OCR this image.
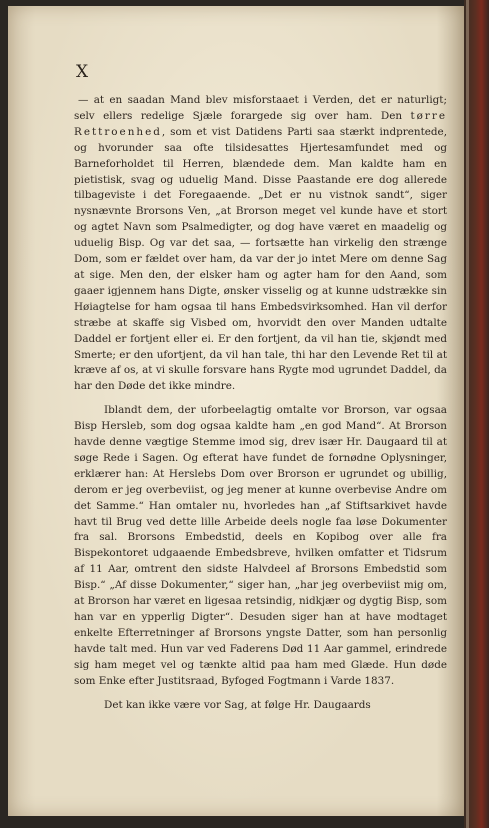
X

— at en saadan Mand blev misforstaaet i Verden, det er naturligt; selv ellers redelige Sjæle forargede sig over ham. Den tørre Rettroenhed, som et vist Datidens Parti saa stærkt indprentede, og hvorunder saa ofte tilsidesattes Hjertesamfundet med og Barneforholdet til Herren, blændede dem. Man kaldte ham en pietistisk, svag og uduelig Mand. Disse Paastande ere dog allerede tilbageviste i det Foregaaende. „Det er nu vistnok sandt“, siger nysnævnte Brorsons Ven, „at Brorson meget vel kunde have et stort og agtet Navn som Psalmedigter, og dog have været en maadelig og uduelig Bisp. Og var det saa, — fortsætte han virkelig den strænge Dom, som er fældet over ham, da var der jo intet Mere om denne Sag at sige. Men den, der elsker ham og agter ham for den Aand, som gaaer igjennem hans Digte, ønsker visselig og at kunne udstrække sin Høiagtelse for ham ogsaa til hans Embedsvirksomhed. Han vil derfor stræbe at skaffe sig Visbed om, hvorvidt den over Manden udtalte Daddel er fortjent eller ei. Er den fortjent, da vil han tie, skjøndt med Smerte; er den ufortjent, da vil han tale, thi har den Levende Ret til at kræve af os, at vi skulle forsvare hans Rygte mod ugrundet Daddel, da har den Døde det ikke mindre.

Iblandt dem, der uforbeelagtig omtalte vor Brorson, var ogsaa Bisp Hersleb, som dog ogsaa kaldte ham „en god Mand“. At Brorson havde denne vægtige Stemme imod sig, drev især Hr. Daugaard til at søge Rede i Sagen. Og efterat have fundet de fornødne Oplysninger, erklærer han: At Herslebs Dom over Brorson er ugrundet og ubillig, derom er jeg overbeviist, og jeg mener at kunne overbevise Andre om det Samme.“ Han omtaler nu, hvorledes han „af Stiftsarkivet havde havt til Brug ved dette lille Arbeide deels nogle faa løse Dokumenter fra sal. Brorsons Embedstid, deels en Kopibog over alle fra Bispekontoret udgaaende Embedsbreve, hvilken omfatter et Tidsrum af 11 Aar, omtrent den sidste Halvdeel af Brorsons Embedstid som Bisp.“ „Af disse Dokumenter,“ siger han, „har jeg overbeviist mig om, at Brorson har været en ligesaa retsindig, nidkjær og dygtig Bisp, som han var en ypperlig Digter“. Desuden siger han at have modtaget enkelte Efterretninger af Brorsons yngste Datter, som han personlig havde talt med. Hun var ved Faderens Død 11 Aar gammel, erindrede sig ham meget vel og tænkte altid paa ham med Glæde. Hun døde som Enke efter Justitsraad, Byfoged Fogtmann i Varde 1837.

Det kan ikke være vor Sag, at følge Hr. Daugaards
